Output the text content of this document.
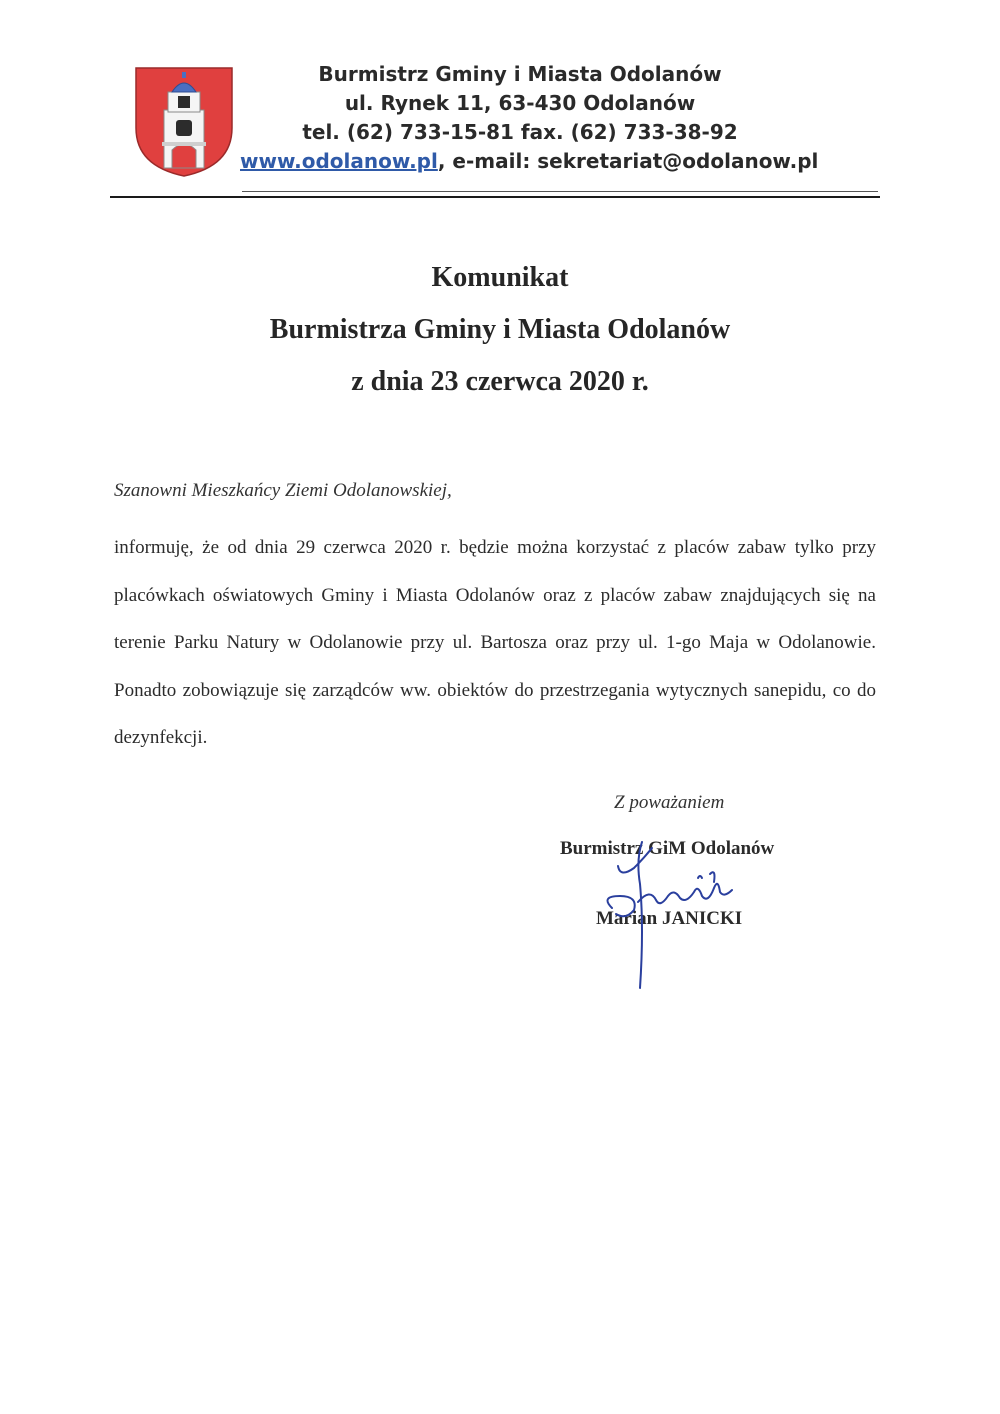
Burmistrz Gminy i Miasta Odolanów
ul. Rynek 11, 63-430 Odolanów
tel. (62) 733-15-81 fax. (62) 733-38-92
www.odolanow.pl, e-mail: sekretariat@odolanow.pl
Komunikat
Burmistrza Gminy i Miasta Odolanów
z dnia 23 czerwca 2020 r.
Szanowni Mieszkańcy Ziemi Odolanowskiej,
informuję, że od dnia 29 czerwca 2020 r. będzie można korzystać z placów zabaw tylko przy placówkach oświatowych Gminy i Miasta Odolanów oraz z placów zabaw znajdujących się na terenie Parku Natury w Odolanowie przy ul. Bartosza oraz przy ul. 1-go Maja w Odolanowie. Ponadto zobowiązuje się zarządców ww. obiektów do przestrzegania wytycznych sanepidu, co do dezynfekcji.
Z poważaniem
Burmistrz GiM Odolanów
Marian JANICKI
